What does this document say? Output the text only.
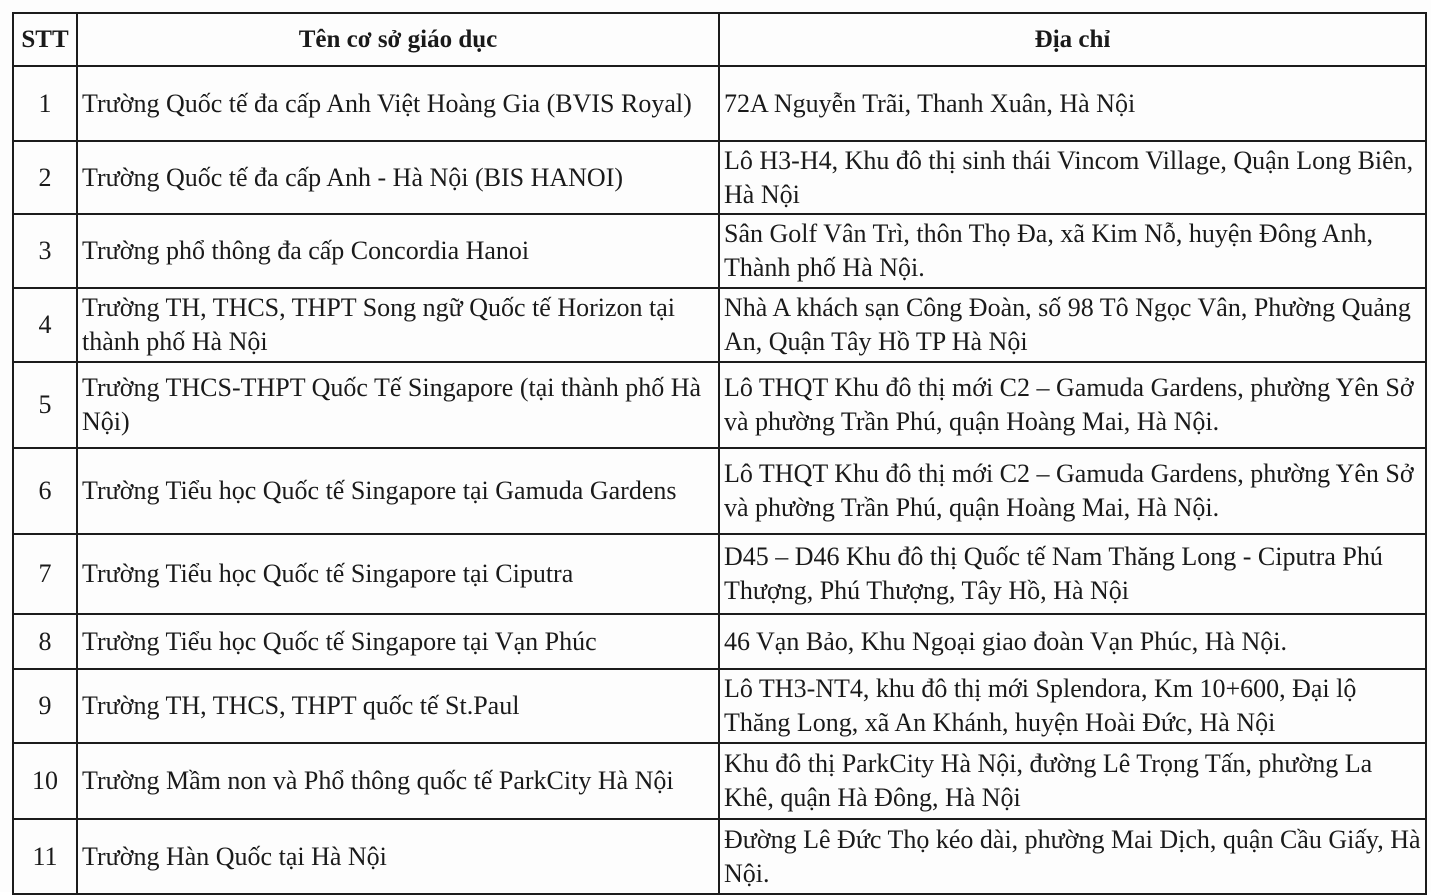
STT	Tên cơ sở giáo dục	Địa chỉ
1	Trường Quốc tế đa cấp Anh Việt Hoàng Gia (BVIS Royal)	72A Nguyễn Trãi, Thanh Xuân, Hà Nội
2	Trường Quốc tế đa cấp Anh - Hà Nội (BIS HANOI)	Lô H3-H4, Khu đô thị sinh thái Vincom Village, Quận Long Biên, Hà Nội
3	Trường phổ thông đa cấp Concordia Hanoi	Sân Golf Vân Trì, thôn Thọ Đa, xã Kim Nỗ, huyện Đông Anh, Thành phố Hà Nội.
4	Trường TH, THCS, THPT Song ngữ Quốc tế Horizon tại thành phố Hà Nội	Nhà A khách sạn Công Đoàn, số 98 Tô Ngọc Vân, Phường Quảng An, Quận Tây Hồ TP Hà Nội
5	Trường THCS-THPT Quốc Tế Singapore (tại thành phố Hà Nội)	Lô THQT Khu đô thị mới C2 – Gamuda Gardens, phường Yên Sở và phường Trần Phú, quận Hoàng Mai, Hà Nội.
6	Trường Tiểu học Quốc tế Singapore tại Gamuda Gardens	Lô THQT Khu đô thị mới C2 – Gamuda Gardens, phường Yên Sở và phường Trần Phú, quận Hoàng Mai, Hà Nội.
7	Trường Tiểu học Quốc tế Singapore tại Ciputra	D45 – D46 Khu đô thị Quốc tế Nam Thăng Long - Ciputra Phú Thượng, Phú Thượng, Tây Hồ, Hà Nội
8	Trường Tiểu học Quốc tế Singapore tại Vạn Phúc	46 Vạn Bảo, Khu Ngoại giao đoàn Vạn Phúc, Hà Nội.
9	Trường TH, THCS, THPT quốc tế St.Paul	Lô TH3-NT4, khu đô thị mới Splendora, Km 10+600, Đại lộ Thăng Long, xã An Khánh, huyện Hoài Đức, Hà Nội
10	Trường Mầm non và Phổ thông quốc tế ParkCity Hà Nội	Khu đô thị ParkCity Hà Nội, đường Lê Trọng Tấn, phường La Khê, quận Hà Đông, Hà Nội
11	Trường Hàn Quốc tại Hà Nội	Đường Lê Đức Thọ kéo dài, phường Mai Dịch, quận Cầu Giấy, Hà Nội.
